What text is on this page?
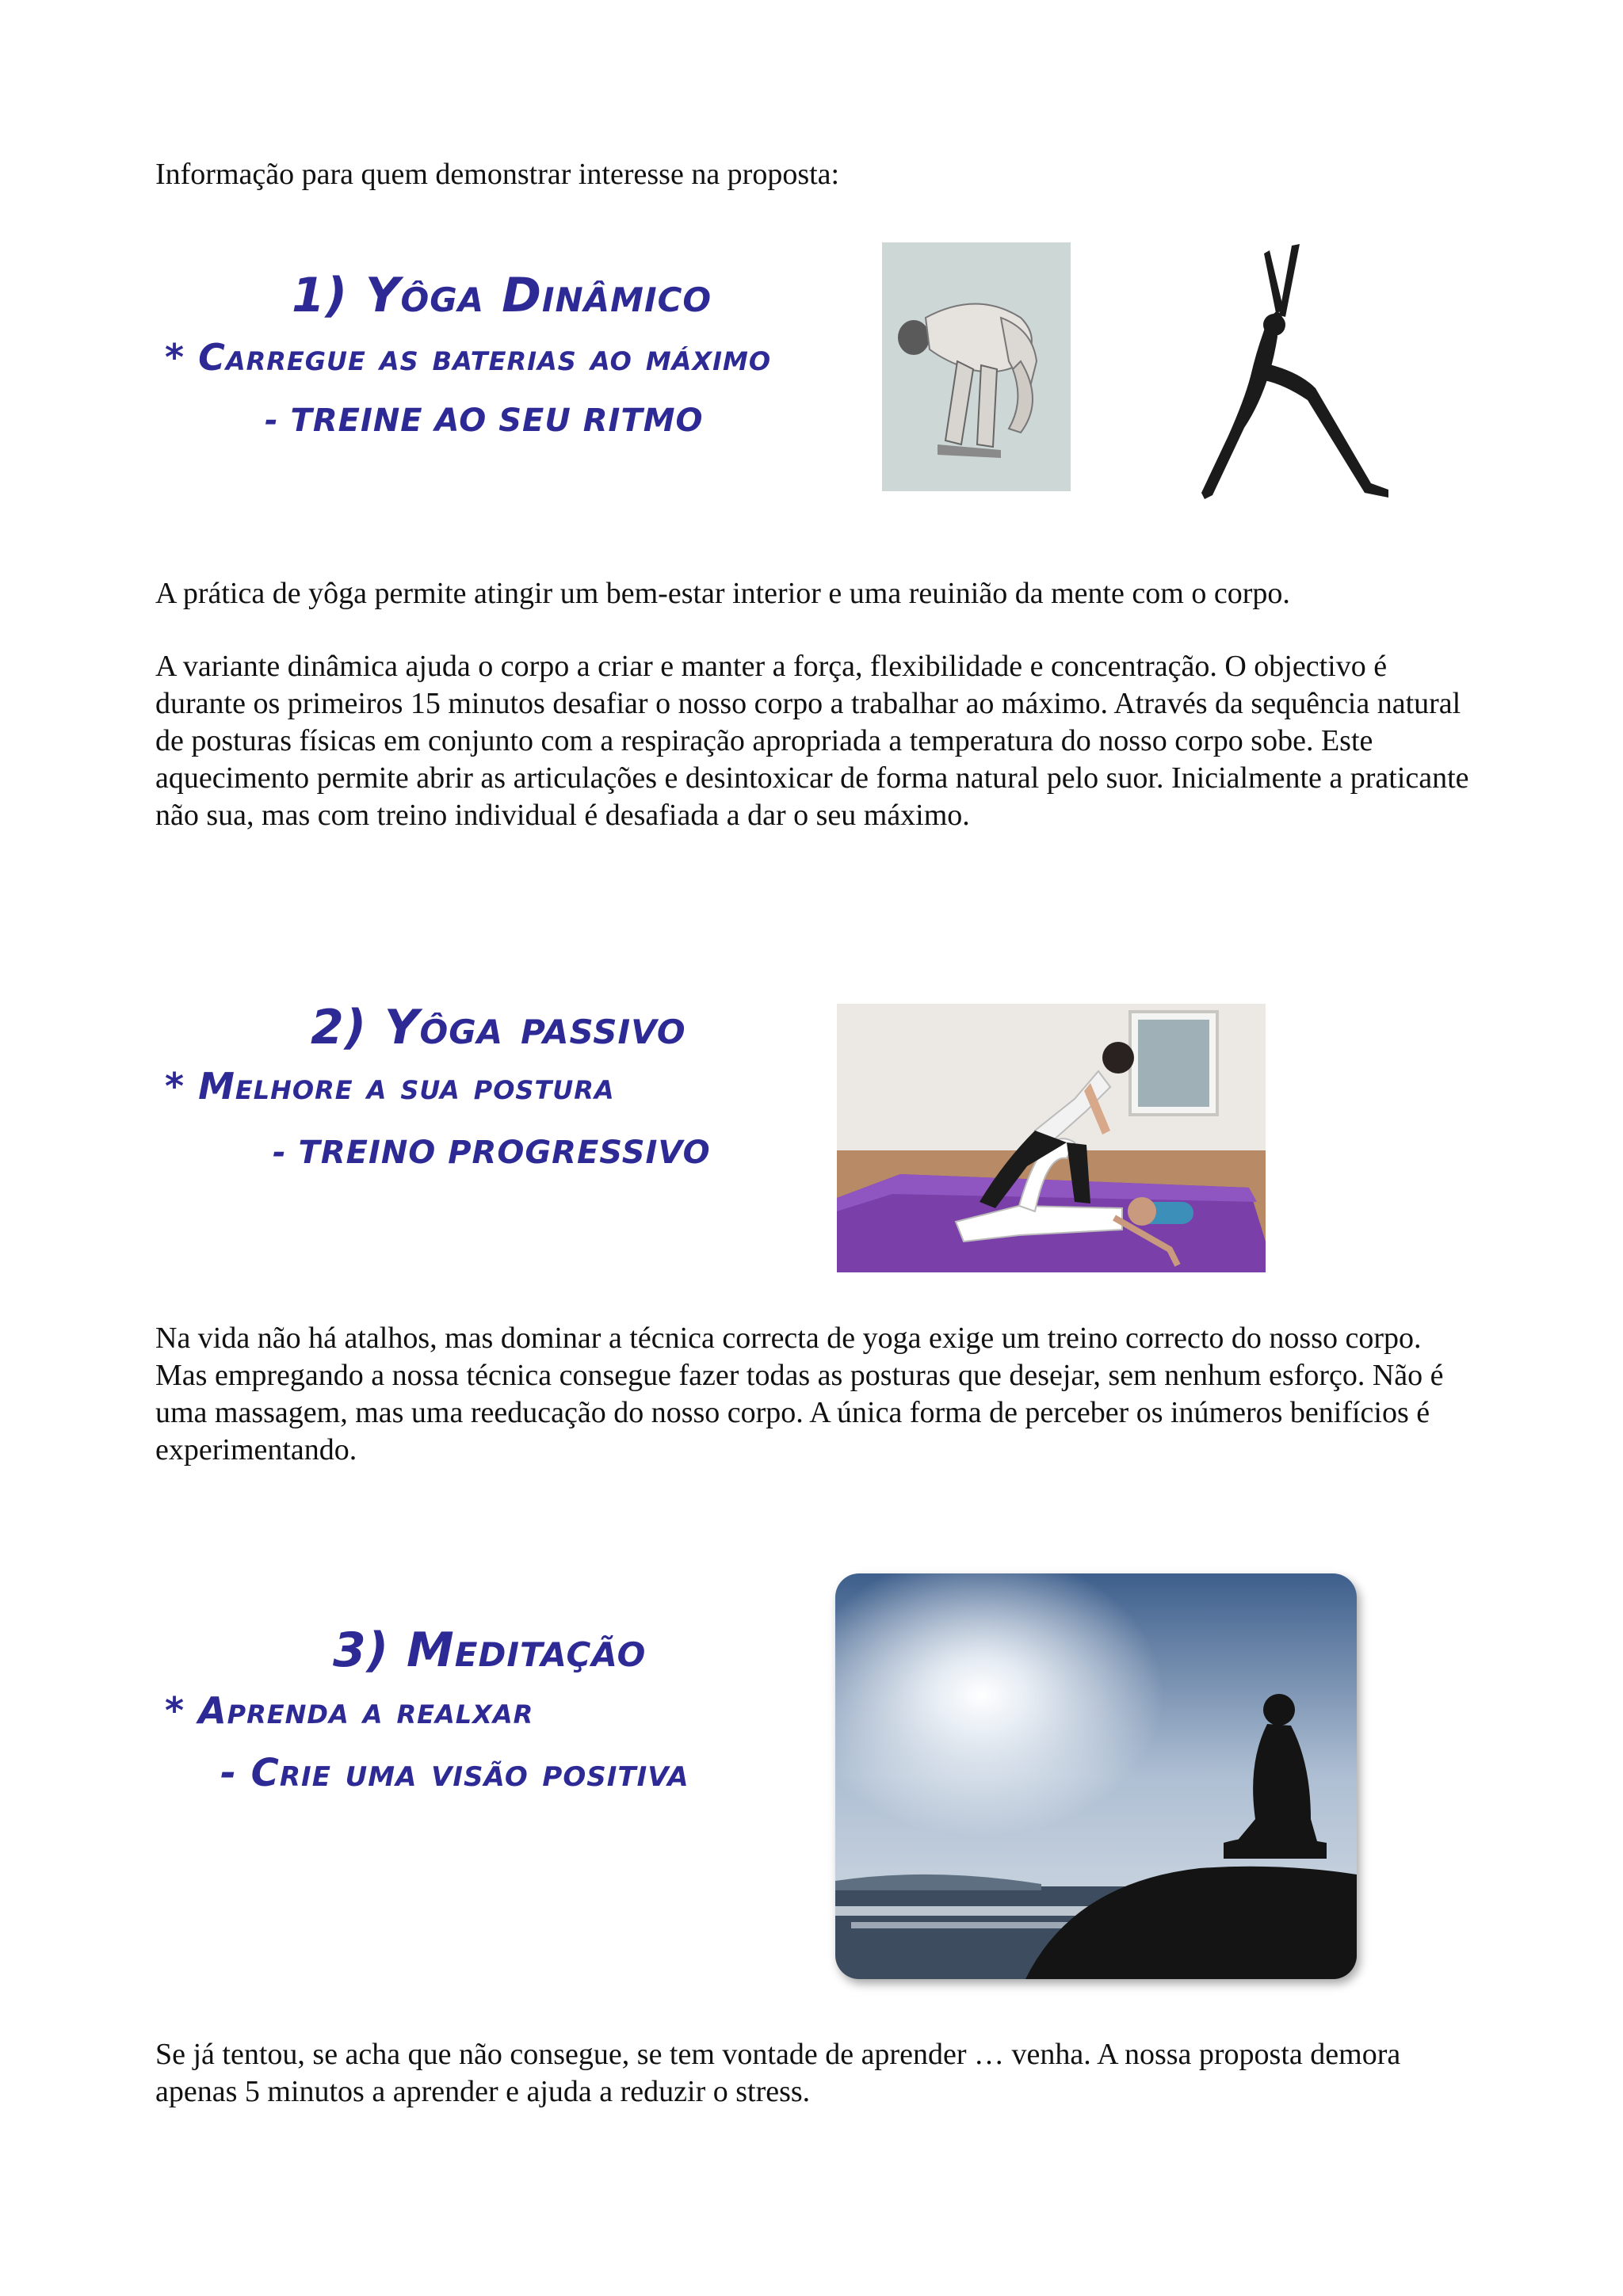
Informação para quem demonstrar interesse na proposta:

1) Yôga Dinâmico
* Carregue as baterias ao máximo
- TREINE AO SEU RITMO

A prática de yôga permite atingir um bem-estar interior e uma reuinião da mente com o corpo.

A variante dinâmica ajuda o corpo a criar e manter a força, flexibilidade e concentração. O objectivo é durante os primeiros 15 minutos desafiar o nosso corpo a trabalhar ao máximo. Através da sequência natural de posturas físicas em conjunto com a respiração apropriada a temperatura do nosso corpo sobe. Este aquecimento permite abrir as articulações e desintoxicar de forma natural pelo suor. Inicialmente a praticante não sua, mas com treino individual é desafiada a dar o seu máximo.

2) Yôga passivo
* Melhore a sua postura
- TREINO PROGRESSIVO

Na vida não há atalhos, mas dominar a técnica correcta de yoga exige um treino correcto do nosso corpo. Mas empregando a nossa técnica consegue fazer todas as posturas que desejar, sem nenhum esforço. Não é uma massagem, mas uma reeducação do nosso corpo. A única forma de perceber os inúmeros benifícios é experimentando.

3) Meditação
* Aprenda a realxar
- Crie uma visão positiva

Se já tentou, se acha que não consegue, se tem vontade de aprender … venha. A nossa proposta demora apenas 5 minutos a aprender e ajuda a reduzir o stress.
